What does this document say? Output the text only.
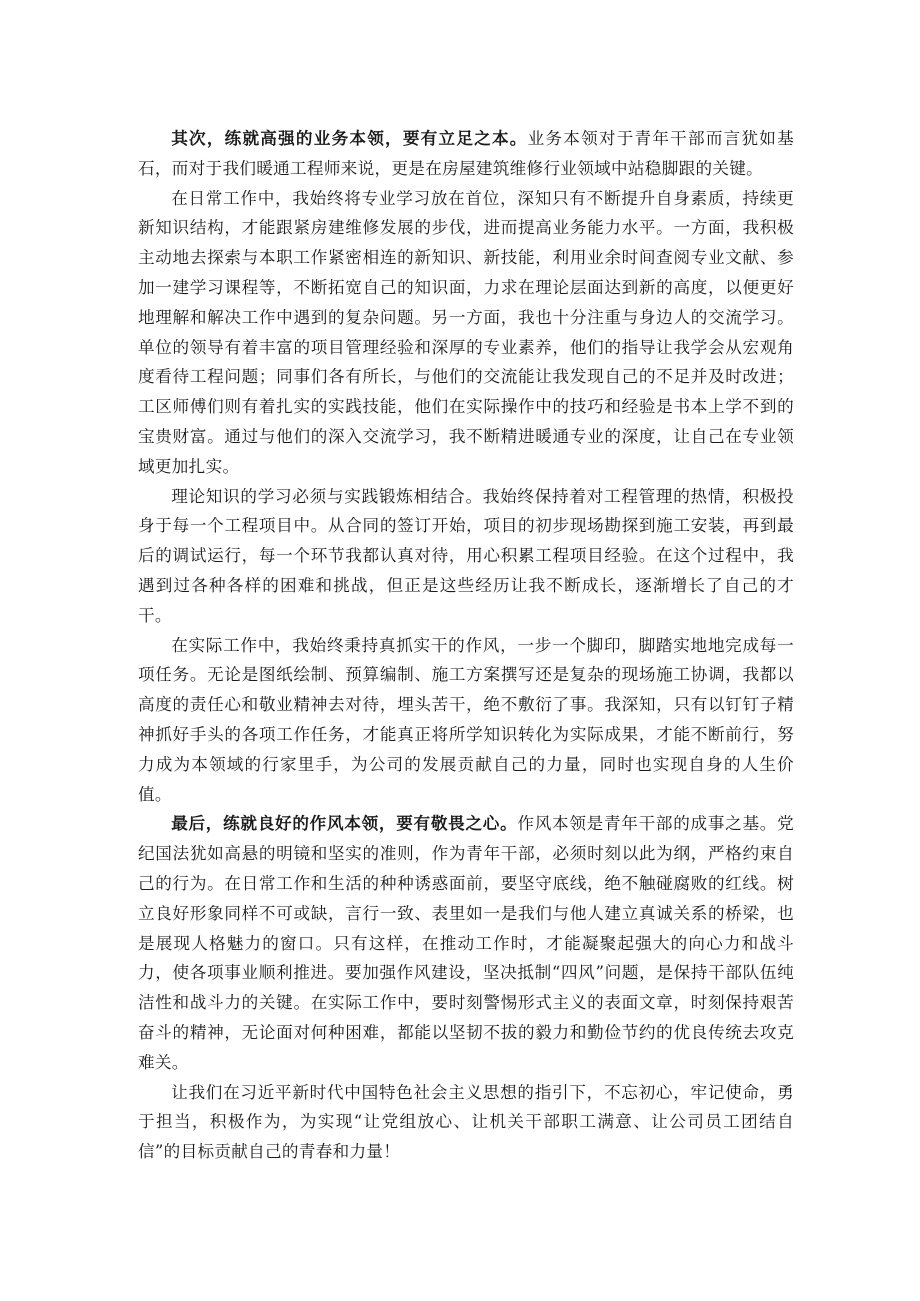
其次，练就高强的业务本领，要有立足之本。业务本领对于青年干部而言犹如基石，而对于我们暖通工程师来说，更是在房屋建筑维修行业领域中站稳脚跟的关键。

在日常工作中，我始终将专业学习放在首位，深知只有不断提升自身素质，持续更新知识结构，才能跟紧房建维修发展的步伐，进而提高业务能力水平。一方面，我积极主动地去探索与本职工作紧密相连的新知识、新技能，利用业余时间查阅专业文献、参加一建学习课程等，不断拓宽自己的知识面，力求在理论层面达到新的高度，以便更好地理解和解决工作中遇到的复杂问题。另一方面，我也十分注重与身边人的交流学习。单位的领导有着丰富的项目管理经验和深厚的专业素养，他们的指导让我学会从宏观角度看待工程问题；同事们各有所长，与他们的交流能让我发现自己的不足并及时改进；工区师傅们则有着扎实的实践技能，他们在实际操作中的技巧和经验是书本上学不到的宝贵财富。通过与他们的深入交流学习，我不断精进暖通专业的深度，让自己在专业领域更加扎实。

理论知识的学习必须与实践锻炼相结合。我始终保持着对工程管理的热情，积极投身于每一个工程项目中。从合同的签订开始，项目的初步现场勘探到施工安装，再到最后的调试运行，每一个环节我都认真对待，用心积累工程项目经验。在这个过程中，我遇到过各种各样的困难和挑战，但正是这些经历让我不断成长，逐渐增长了自己的才干。

在实际工作中，我始终秉持真抓实干的作风，一步一个脚印，脚踏实地地完成每一项任务。无论是图纸绘制、预算编制、施工方案撰写还是复杂的现场施工协调，我都以高度的责任心和敬业精神去对待，埋头苦干，绝不敷衍了事。我深知，只有以钉钉子精神抓好手头的各项工作任务，才能真正将所学知识转化为实际成果，才能不断前行，努力成为本领域的行家里手，为公司的发展贡献自己的力量，同时也实现自身的人生价值。

最后，练就良好的作风本领，要有敬畏之心。作风本领是青年干部的成事之基。党纪国法犹如高悬的明镜和坚实的准则，作为青年干部，必须时刻以此为纲，严格约束自己的行为。在日常工作和生活的种种诱惑面前，要坚守底线，绝不触碰腐败的红线。树立良好形象同样不可或缺，言行一致、表里如一是我们与他人建立真诚关系的桥梁，也是展现人格魅力的窗口。只有这样，在推动工作时，才能凝聚起强大的向心力和战斗力，使各项事业顺利推进。要加强作风建设，坚决抵制“四风”问题，是保持干部队伍纯洁性和战斗力的关键。在实际工作中，要时刻警惕形式主义的表面文章，时刻保持艰苦奋斗的精神，无论面对何种困难，都能以坚韧不拔的毅力和勤俭节约的优良传统去攻克难关。

让我们在习近平新时代中国特色社会主义思想的指引下，不忘初心，牢记使命，勇于担当，积极作为，为实现“让党组放心、让机关干部职工满意、让公司员工团结自信”的目标贡献自己的青春和力量！
